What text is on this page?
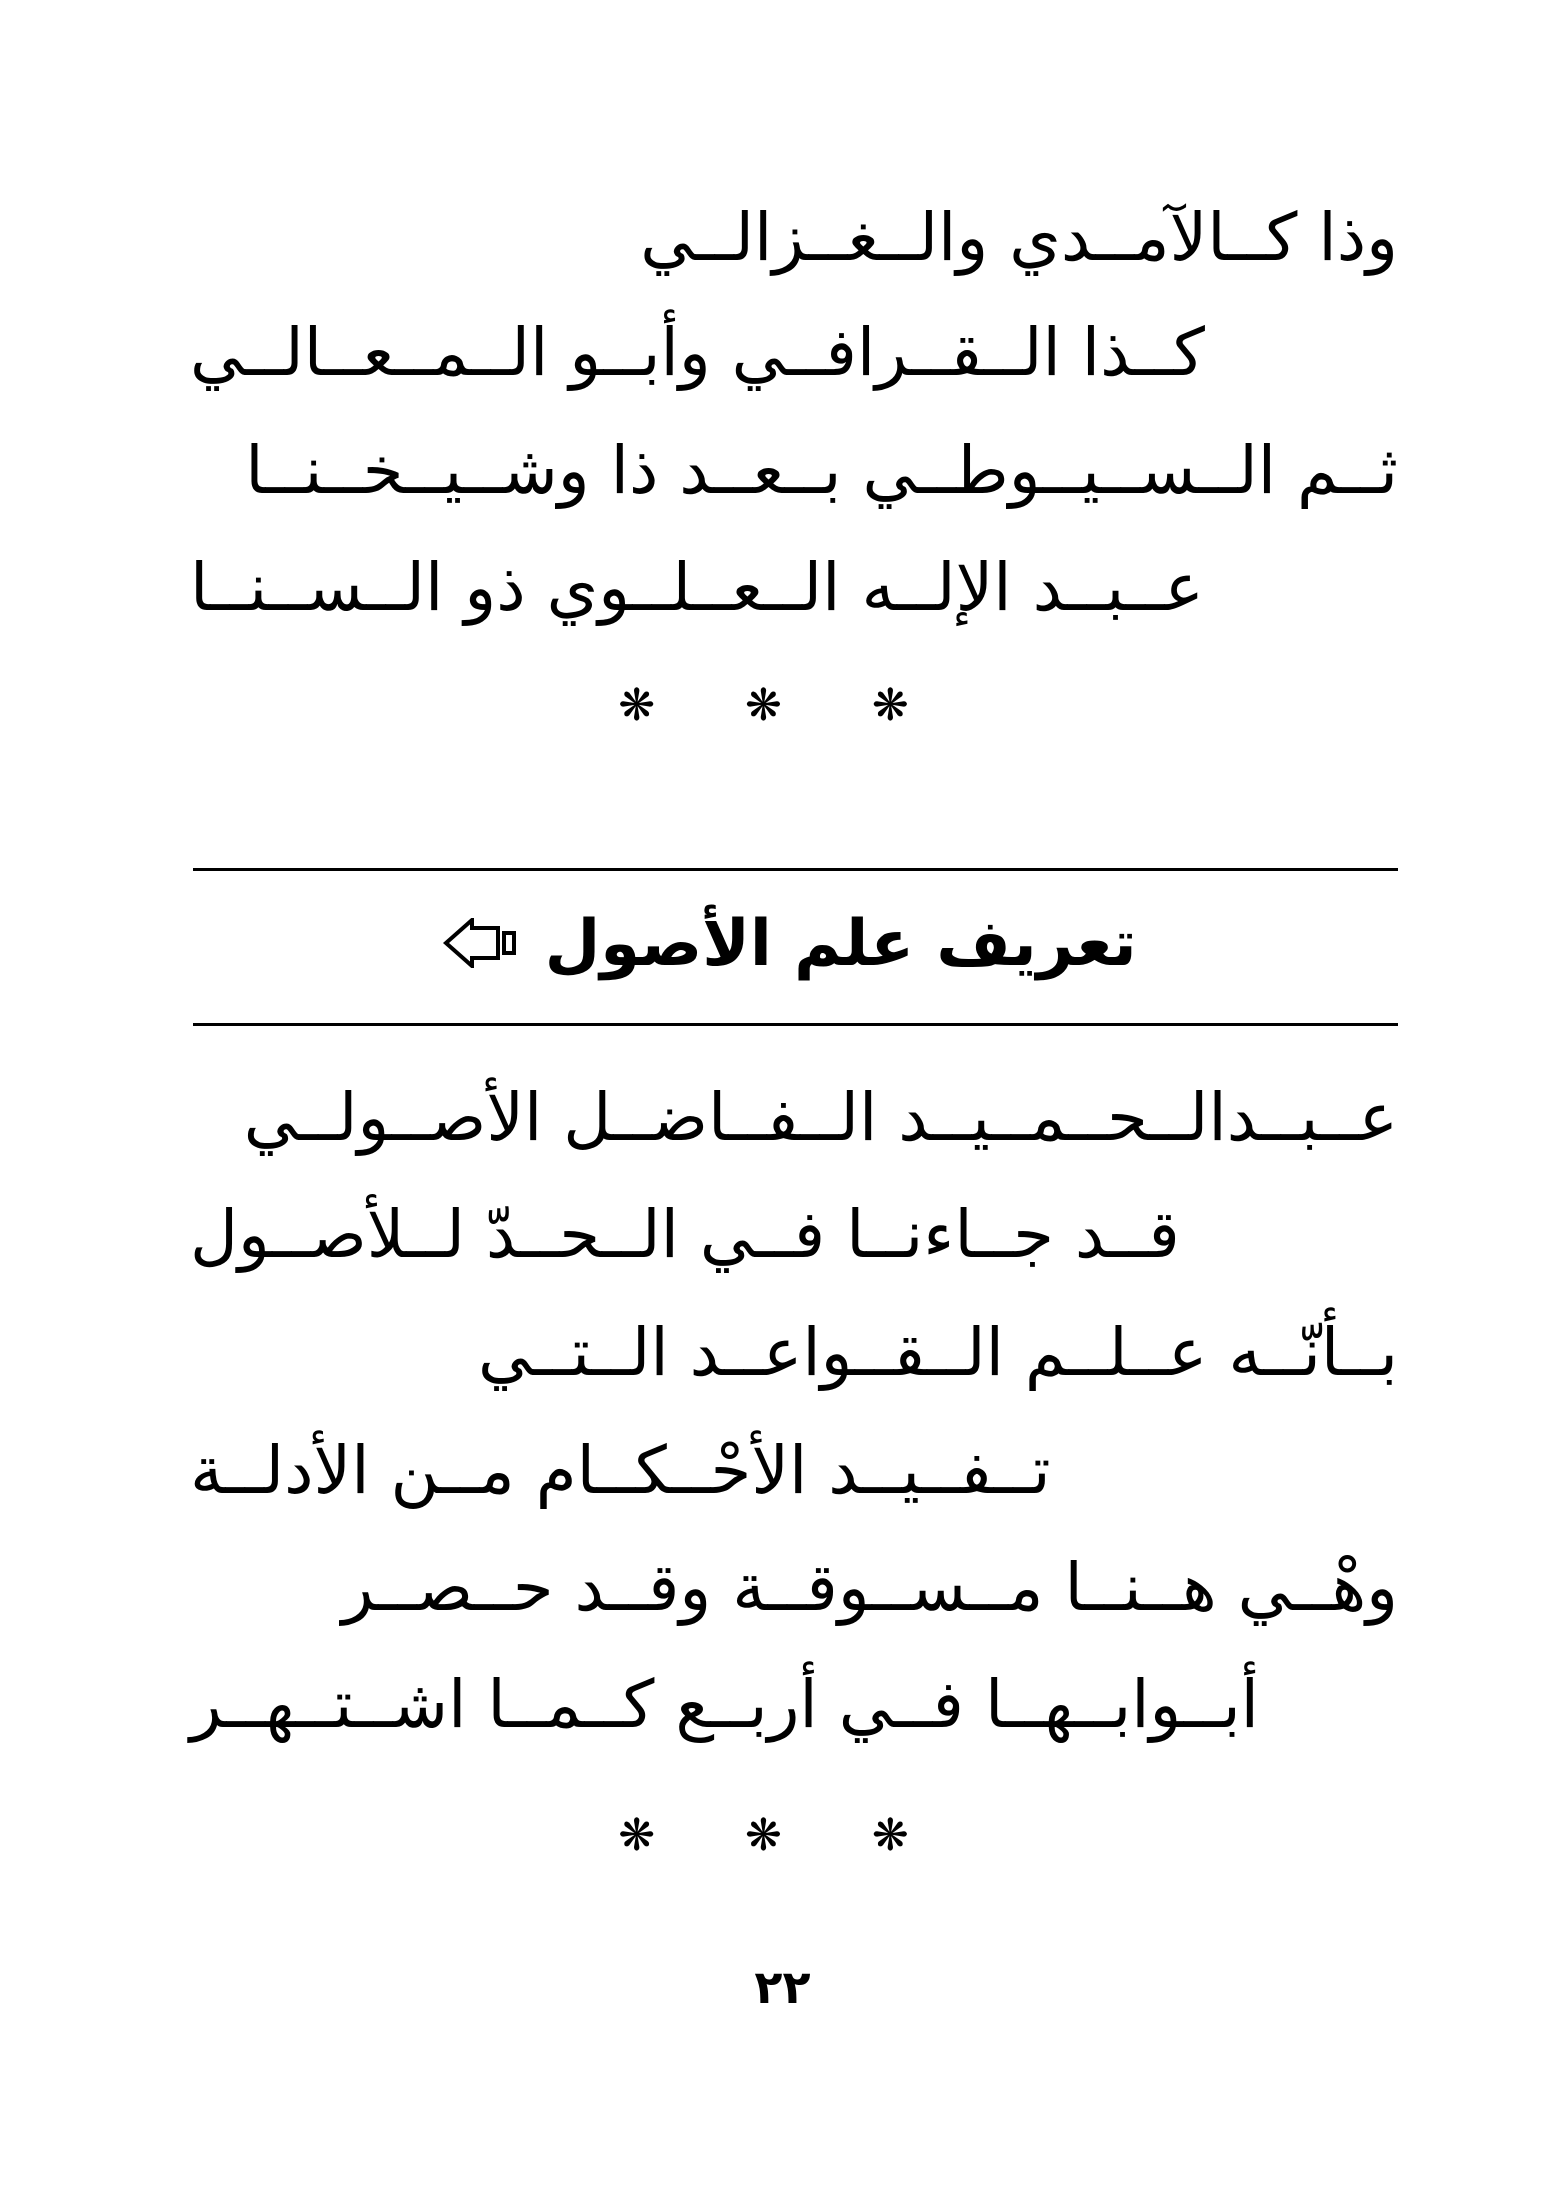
وذا كــالآمــدي والــغــزالــي
كــذا الــقــرافــي وأبــو الــمــعــالــي
ثــم الــســيــوطــي بــعــد ذا وشــيــخــنــا
عــبــد الإلــه الــعــلــوي ذو الــســنــا
❋ ❋ ❋
تعريف علم الأصول
عــبــدالــحــمــيــد الــفــاضــل الأصــولــي
قــد جــاءنــا فــي الــحــدّ لــلأصــول
بــأنّــه عــلــم الــقــواعــد الــتــي
تــفــيــد الأحْــكــام مــن الأدلــة
وهْــي هــنــا مــســوقــة وقــد حــصــر
أبــوابــهــا فــي أربــع كــمــا اشــتــهــر
❋ ❋ ❋
٢٢
